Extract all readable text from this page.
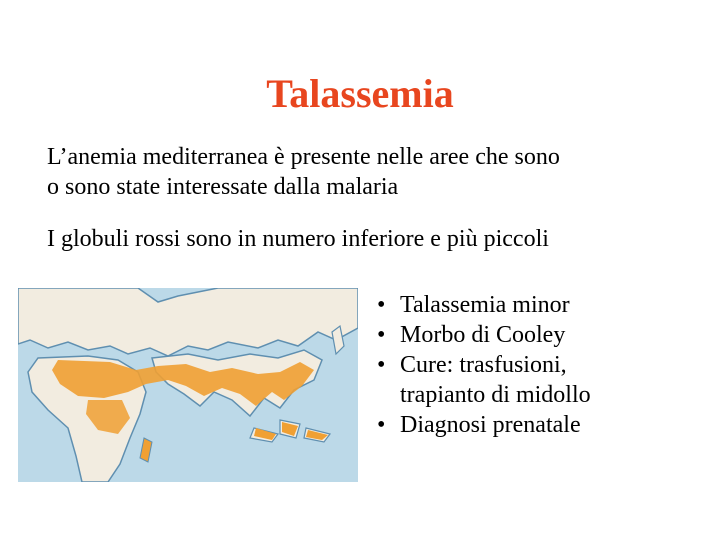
Talassemia
L’anemia mediterranea è presente nelle aree che sono
o sono state interessate dalla malaria
I globuli rossi sono in numero inferiore e più piccoli
• Talassemia minor
• Morbo di Cooley
• Cure: trasfusioni,
trapianto di midollo
• Diagnosi prenatale
